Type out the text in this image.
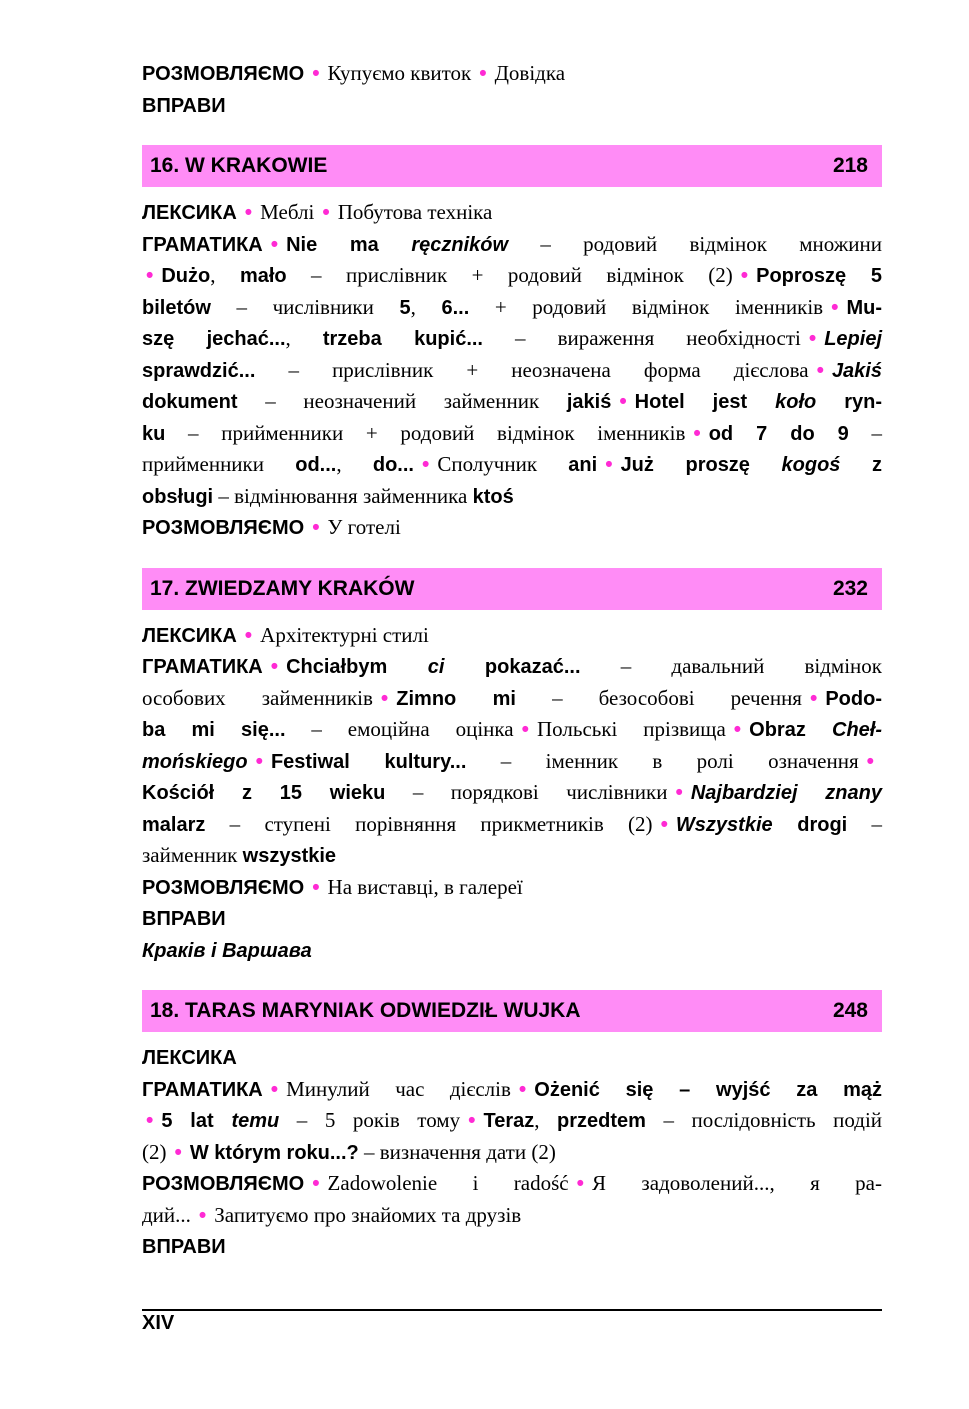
РОЗМОВЛЯЄМО • Купуємо квиток • Довідка
ВПРАВИ
16. W KRAKOWIE	218
ЛЕКСИКА • Меблі • Побутова техніка
ГРАМАТИКА • Nie ma ręczników – родовий відмінок множини
• Dużo, mało – прислівник + родовий відмінок (2) • Poproszę 5
biletów – числівники 5, 6... + родовий відмінок іменників • Mu-
szę jechać..., trzeba kupić... – вираження необхідності • Lepiej
sprawdzić... – прислівник + неозначена форма дієслова • Jakiś
dokument – неозначений займенник jakiś • Hotel jest koło ryn-
ku – прийменники + родовий відмінок іменників • od 7 do 9 –
прийменники od..., do... • Сполучник ani • Już proszę kogoś z
obsługi – відмінювання займенника ktoś
РОЗМОВЛЯЄМО • У готелі
17. ZWIEDZAMY KRAKÓW	232
ЛЕКСИКА • Архітектурні стилі
ГРАМАТИКА • Chciałbym ci pokazać... – давальний відмінок
особових займенників • Zimno mi – безособові речення • Podo-
ba mi się... – емоційна оцінка • Польські прізвища • Obraz Cheł-
mońskiego • Festiwal kultury... – іменник в ролі означення •
Kościół z 15 wieku – порядкові числівники • Najbardziej znany
malarz – ступені порівняння прикметників (2) • Wszystkie drogi –
займенник wszystkie
РОЗМОВЛЯЄМО • На виставці, в галереї
ВПРАВИ
Краків і Варшава
18. TARAS MARYNIAK ODWIEDZIŁ WUJKA	248
ЛЕКСИКА
ГРАМАТИКА • Минулий час дієслів • Ożenić się – wyjść za mąż
• 5 lat temu – 5 років тому • Teraz, przedtem – послідовність подій
(2) • W którym roku...? – визначення дати (2)
РОЗМОВЛЯЄМО • Zadowolenie i radość • Я задоволений..., я ра-
дий... • Запитуємо про знайомих та друзів
ВПРАВИ
XIV
